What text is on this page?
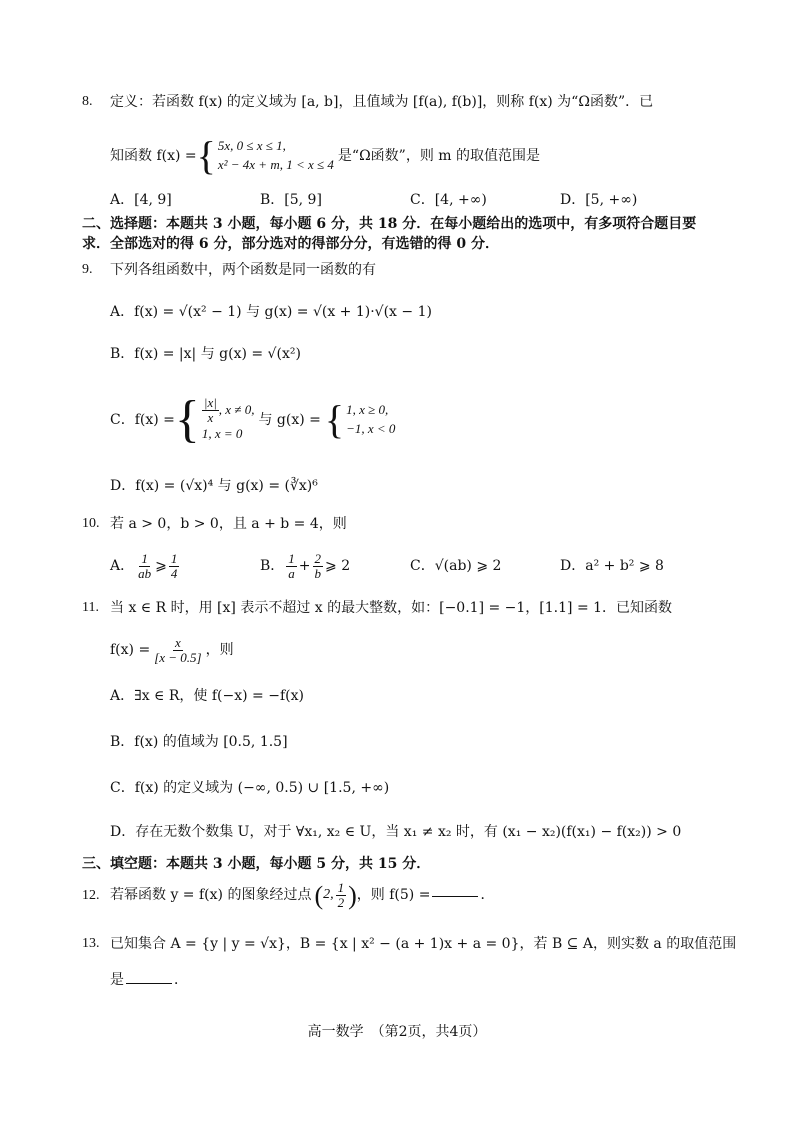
8. 定义：若函数 f(x) 的定义域为 [a, b]，且值域为 [f(a), f(b)]，则称 f(x) 为“Ω函数”．已
知函数 f(x) = { 5x, 0 ≤ x ≤ 1,
x² − 4x + m, 1 < x ≤ 4
是“Ω函数”，则 m 的取值范围是
A．[4, 9]	B．[5, 9]	C．[4, +∞)	D．[5, +∞)
二、选择题：本题共 3 小题，每小题 6 分，共 18 分．在每小题给出的选项中，有多项符合题目要
求．全部选对的得 6 分，部分选对的得部分分，有选错的得 0 分．
9. 下列各组函数中，两个函数是同一函数的有
A．f(x) = √(x² − 1) 与 g(x) = √(x + 1)·√(x − 1)
B．f(x) = |x| 与 g(x) = √(x²)
C．f(x) = { $\frac{|x|}{x}$ , x ≠ 0,
1, x = 0
与 g(x) = { 1, x ≥ 0,
−1, x < 0
D．f(x) = (√x)⁴ 与 g(x) = (∛x)⁶
10. 若 a > 0，b > 0，且 a + b = 4，则
A． $\frac{1}{ab}$ ⩾ $\frac{1}{4}$	B． $\frac{1}{a} + \frac{2}{b}$ ⩾ 2	C．√(ab) ⩾ 2	D．a² + b² ⩾ 8
11. 当 x ∈ R 时，用 [x] 表示不超过 x 的最大整数，如：[−0.1] = −1，[1.1] = 1．已知函数
$f(x) = \frac{x}{[x - 0.5]}$ ，则
A．∃x ∈ R，使 f(−x) = −f(x)
B．f(x) 的值域为 [0.5, 1.5]
C．f(x) 的定义域为 (−∞, 0.5) ∪ [1.5, +∞)
D．存在无数个数集 U，对于 ∀x₁, x₂ ∈ U，当 x₁ ≠ x₂ 时，有 (x₁ − x₂)(f(x₁) − f(x₂)) > 0
三、填空题：本题共 3 小题，每小题 5 分，共 15 分．
12. 若幂函数 y = f(x) 的图象经过点 ( 2, $\frac{1}{2}$ ) ，则 f(5) =	．
13. 已知集合 A = {y | y = √x}，B = {x | x² − (a + 1)x + a = 0}，若 B ⊆ A，则实数 a 的取值范围
是	．
高一数学　（第2页，共4页）
